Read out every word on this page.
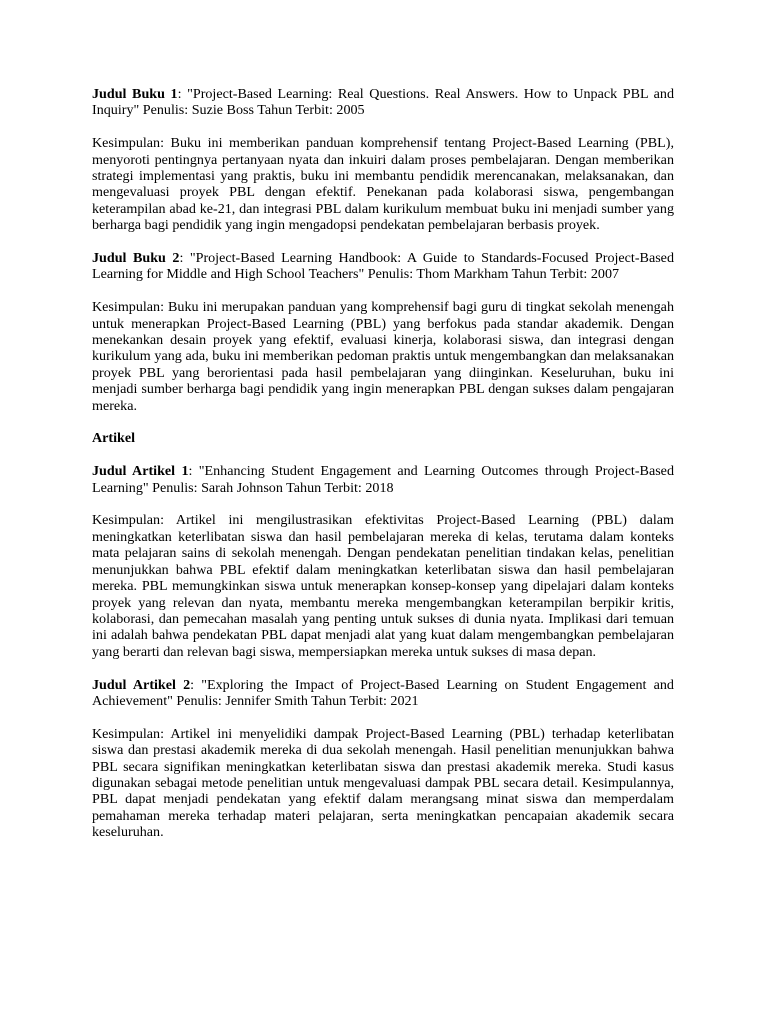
Judul Buku 1: "Project-Based Learning: Real Questions. Real Answers. How to Unpack PBL and Inquiry" Penulis: Suzie Boss Tahun Terbit: 2005

Kesimpulan: Buku ini memberikan panduan komprehensif tentang Project-Based Learning (PBL), menyoroti pentingnya pertanyaan nyata dan inkuiri dalam proses pembelajaran. Dengan memberikan strategi implementasi yang praktis, buku ini membantu pendidik merencanakan, melaksanakan, dan mengevaluasi proyek PBL dengan efektif. Penekanan pada kolaborasi siswa, pengembangan keterampilan abad ke-21, dan integrasi PBL dalam kurikulum membuat buku ini menjadi sumber yang berharga bagi pendidik yang ingin mengadopsi pendekatan pembelajaran berbasis proyek.

Judul Buku 2: "Project-Based Learning Handbook: A Guide to Standards-Focused Project-Based Learning for Middle and High School Teachers" Penulis: Thom Markham Tahun Terbit: 2007

Kesimpulan: Buku ini merupakan panduan yang komprehensif bagi guru di tingkat sekolah menengah untuk menerapkan Project-Based Learning (PBL) yang berfokus pada standar akademik. Dengan menekankan desain proyek yang efektif, evaluasi kinerja, kolaborasi siswa, dan integrasi dengan kurikulum yang ada, buku ini memberikan pedoman praktis untuk mengembangkan dan melaksanakan proyek PBL yang berorientasi pada hasil pembelajaran yang diinginkan. Keseluruhan, buku ini menjadi sumber berharga bagi pendidik yang ingin menerapkan PBL dengan sukses dalam pengajaran mereka.

Artikel

Judul Artikel 1: "Enhancing Student Engagement and Learning Outcomes through Project-Based Learning" Penulis: Sarah Johnson Tahun Terbit: 2018

Kesimpulan: Artikel ini mengilustrasikan efektivitas Project-Based Learning (PBL) dalam meningkatkan keterlibatan siswa dan hasil pembelajaran mereka di kelas, terutama dalam konteks mata pelajaran sains di sekolah menengah. Dengan pendekatan penelitian tindakan kelas, penelitian menunjukkan bahwa PBL efektif dalam meningkatkan keterlibatan siswa dan hasil pembelajaran mereka. PBL memungkinkan siswa untuk menerapkan konsep-konsep yang dipelajari dalam konteks proyek yang relevan dan nyata, membantu mereka mengembangkan keterampilan berpikir kritis, kolaborasi, dan pemecahan masalah yang penting untuk sukses di dunia nyata. Implikasi dari temuan ini adalah bahwa pendekatan PBL dapat menjadi alat yang kuat dalam mengembangkan pembelajaran yang berarti dan relevan bagi siswa, mempersiapkan mereka untuk sukses di masa depan.

Judul Artikel 2: "Exploring the Impact of Project-Based Learning on Student Engagement and Achievement" Penulis: Jennifer Smith Tahun Terbit: 2021

Kesimpulan: Artikel ini menyelidiki dampak Project-Based Learning (PBL) terhadap keterlibatan siswa dan prestasi akademik mereka di dua sekolah menengah. Hasil penelitian menunjukkan bahwa PBL secara signifikan meningkatkan keterlibatan siswa dan prestasi akademik mereka. Studi kasus digunakan sebagai metode penelitian untuk mengevaluasi dampak PBL secara detail. Kesimpulannya, PBL dapat menjadi pendekatan yang efektif dalam merangsang minat siswa dan memperdalam pemahaman mereka terhadap materi pelajaran, serta meningkatkan pencapaian akademik secara keseluruhan.
